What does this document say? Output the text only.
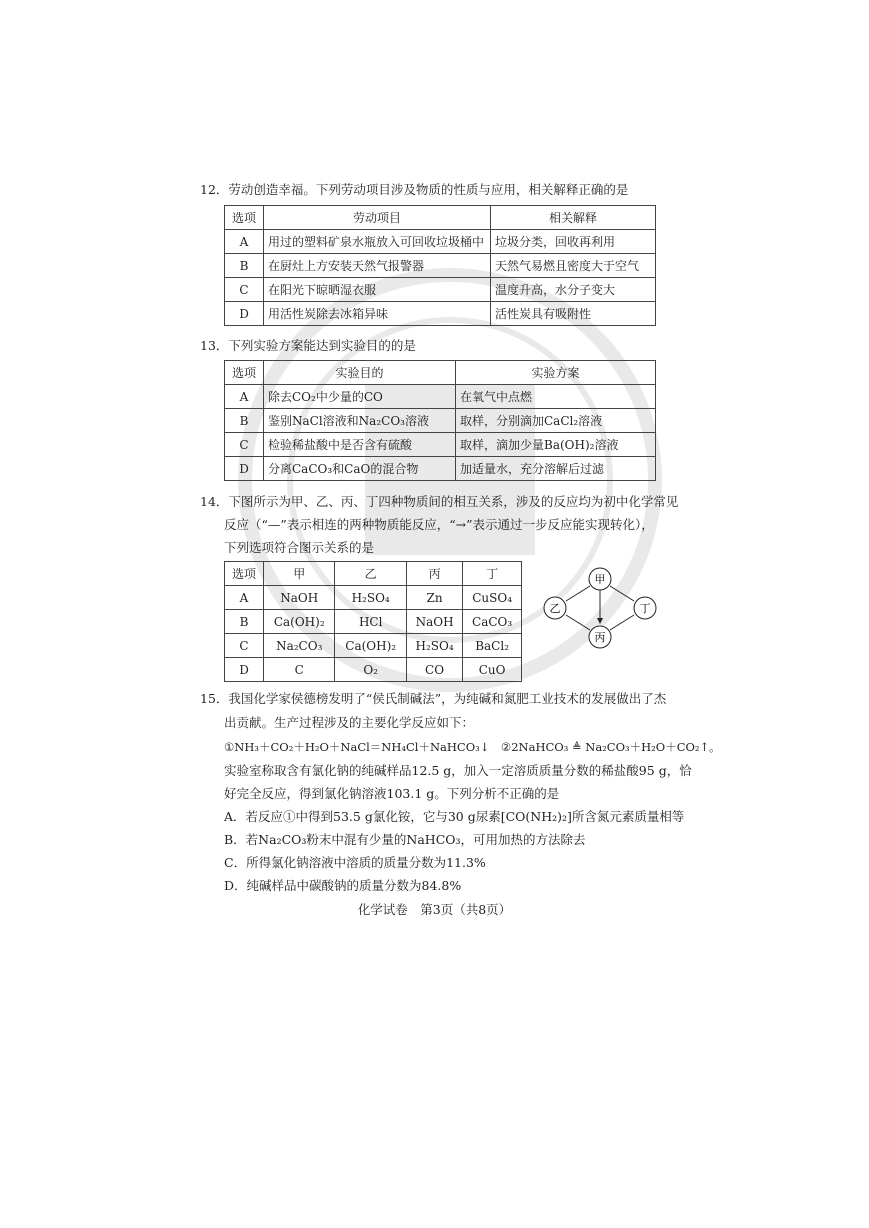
12．劳动创造幸福。下列劳动项目涉及物质的性质与应用，相关解释正确的是
选项	劳动项目	相关解释
A	用过的塑料矿泉水瓶放入可回收垃圾桶中	垃圾分类，回收再利用
B	在厨灶上方安装天然气报警器	天然气易燃且密度大于空气
C	在阳光下晾晒湿衣服	温度升高，水分子变大
D	用活性炭除去冰箱异味	活性炭具有吸附性
13．下列实验方案能达到实验目的的是
选项	实验目的	实验方案
A	除去CO₂中少量的CO	在氧气中点燃
B	鉴别NaCl溶液和Na₂CO₃溶液	取样，分别滴加CaCl₂溶液
C	检验稀盐酸中是否含有硫酸	取样，滴加少量Ba(OH)₂溶液
D	分离CaCO₃和CaO的混合物	加适量水，充分溶解后过滤
14．下图所示为甲、乙、丙、丁四种物质间的相互关系，涉及的反应均为初中化学常见
反应（“—”表示相连的两种物质能反应，“→”表示通过一步反应能实现转化），
下列选项符合图示关系的是
选项	甲	乙	丙	丁
A	NaOH	H₂SO₄	Zn	CuSO₄
B	Ca(OH)₂	HCl	NaOH	CaCO₃
C	Na₂CO₃	Ca(OH)₂	H₂SO₄	BaCl₂
D	C	O₂	CO	CuO
甲
乙	丁
丙
15．我国化学家侯德榜发明了“侯氏制碱法”，为纯碱和氮肥工业技术的发展做出了杰
出贡献。生产过程涉及的主要化学反应如下：
①NH₃＋CO₂＋H₂O＋NaCl＝NH₄Cl＋NaHCO₃↓　②2NaHCO₃ ≜ Na₂CO₃＋H₂O＋CO₂↑。
实验室称取含有氯化钠的纯碱样品12.5 g，加入一定溶质质量分数的稀盐酸95 g，恰
好完全反应，得到氯化钠溶液103.1 g。下列分析不正确的是
A．若反应①中得到53.5 g氯化铵，它与30 g尿素[CO(NH₂)₂]所含氮元素质量相等
B．若Na₂CO₃粉末中混有少量的NaHCO₃，可用加热的方法除去
C．所得氯化钠溶液中溶质的质量分数为11.3%
D．纯碱样品中碳酸钠的质量分数为84.8%
化学试卷　第3页（共8页）
